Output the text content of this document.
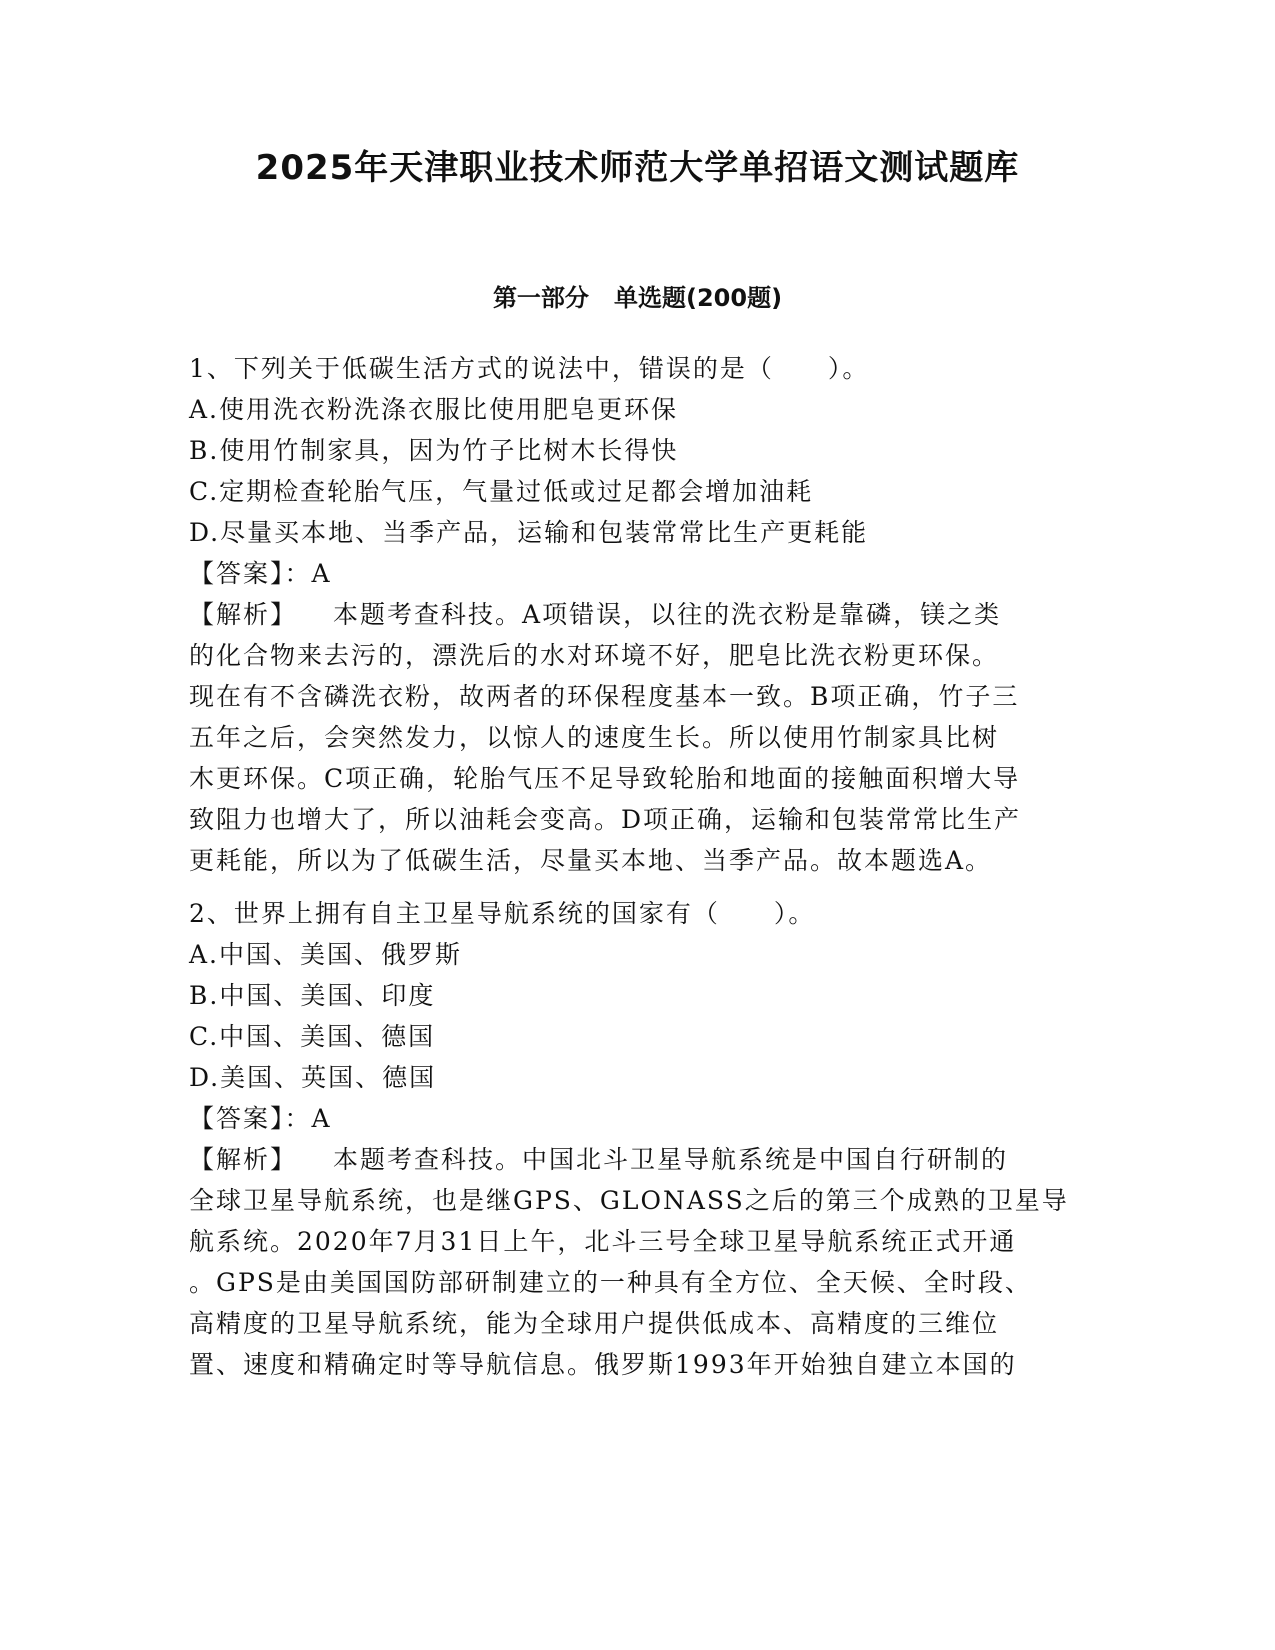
2025年天津职业技术师范大学单招语文测试题库
第一部分   单选题(200题)
1、下列关于低碳生活方式的说法中，错误的是（　　）。
A.使用洗衣粉洗涤衣服比使用肥皂更环保
B.使用竹制家具，因为竹子比树木长得快
C.定期检查轮胎气压，气量过低或过足都会增加油耗
D.尽量买本地、当季产品，运输和包装常常比生产更耗能
【答案】：A
【解析】 本题考查科技。A项错误，以往的洗衣粉是靠磷，镁之类
的化合物来去污的，漂洗后的水对环境不好，肥皂比洗衣粉更环保。
现在有不含磷洗衣粉，故两者的环保程度基本一致。B项正确，竹子三
五年之后，会突然发力，以惊人的速度生长。所以使用竹制家具比树
木更环保。C项正确，轮胎气压不足导致轮胎和地面的接触面积增大导
致阻力也增大了，所以油耗会变高。D项正确，运输和包装常常比生产
更耗能，所以为了低碳生活，尽量买本地、当季产品。故本题选A。
2、世界上拥有自主卫星导航系统的国家有（　　）。
A.中国、美国、俄罗斯
B.中国、美国、印度
C.中国、美国、德国
D.美国、英国、德国
【答案】：A
【解析】 本题考查科技。中国北斗卫星导航系统是中国自行研制的
全球卫星导航系统，也是继GPS、GLONASS之后的第三个成熟的卫星导
航系统。2020年7月31日上午，北斗三号全球卫星导航系统正式开通
。GPS是由美国国防部研制建立的一种具有全方位、全天候、全时段、
高精度的卫星导航系统，能为全球用户提供低成本、高精度的三维位
置、速度和精确定时等导航信息。俄罗斯1993年开始独自建立本国的
